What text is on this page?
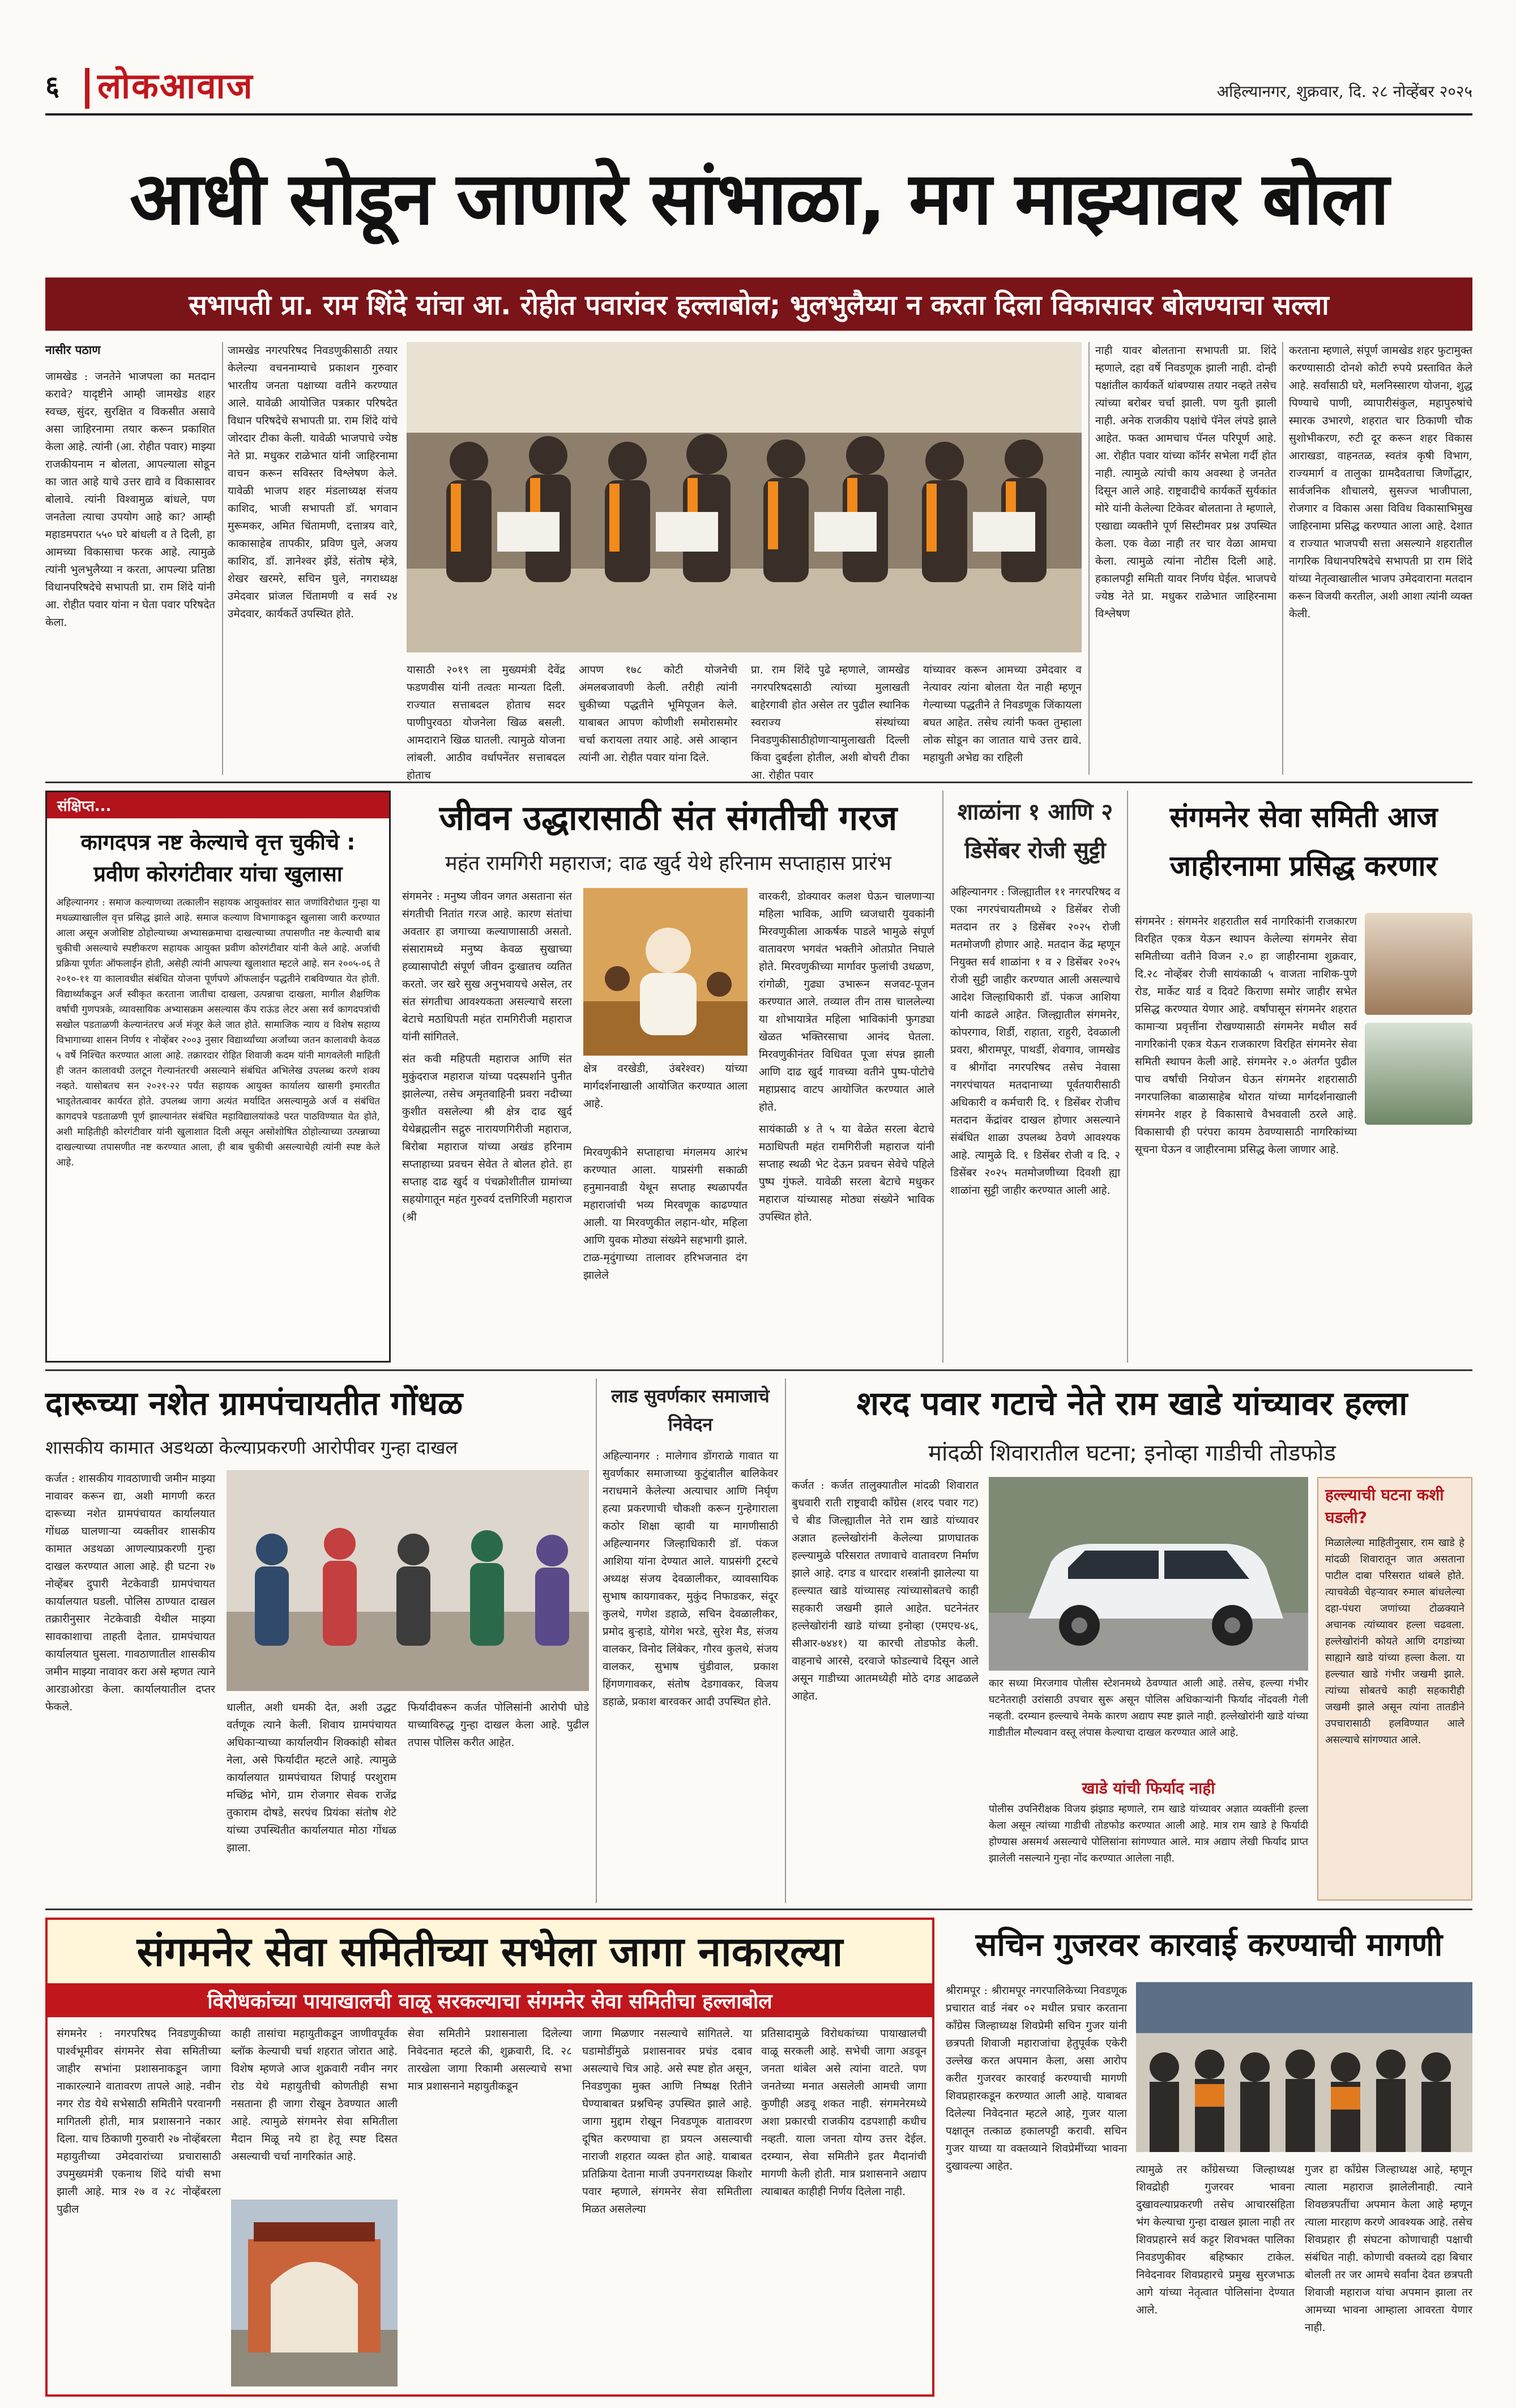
६	लोकआवाज	अहिल्यानगर, शुक्रवार, दि. २८ नोव्हेंबर २०२५
आधी सोडून जाणारे सांभाळा, मग माझ्यावर बोला
सभापती प्रा. राम शिंदे यांचा आ. रोहीत पवारांवर हल्लाबोल; भुलभुलैय्या न करता दिला विकासावर बोलण्याचा सल्ला
नासीर पठाण

जामखेड : जनतेने भाजपला का मतदान करावे? यादृष्टीने आम्ही जामखेड शहर स्वच्छ, सुंदर, सुरक्षित व विकसीत असावे असा जाहिरनामा तयार करून प्रकाशित केला आहे. त्यांनी (आ. रोहीत पवार) माझ्या राजकीयनाम न बोलता, आपल्याला सोडून का जात आहे याचे उत्तर द्यावे व विकासावर बोलावे. त्यांनी विश्वामुळ बांधले, पण जनतेला त्याचा उपयोग आहे का? आम्ही महाडमपरात ५५० घरे बांधली व ते दिली, हा आमच्या विकासाचा फरक आहे. त्यामुळे त्यांनी भुलभुलैय्या न करता, आपल्या प्रतिष्ठा विधानपरिषदेचे सभापती प्रा. राम शिंदे यांनी आ. रोहीत पवार यांना न घेता पवार परिषदेत केला.

जामखेड नगरपरिषद निवडणुकीसाठी तयार केलेल्या वचननाम्याचे प्रकाशन गुरुवार भारतीय जनता पक्षाच्या वतीने करण्यात आले. यावेळी आयोजित पत्रकार परिषदेत विधान परिषदेचे सभापती प्रा. राम शिंदे यांचे जोरदार टीका केली. यावेळी भाजपाचे ज्येष्ठ नेते प्रा. मधुकर राळेभात यांनी जाहिरनामा वाचन करून सविस्तर विश्लेषण केले. यावेळी भाजप शहर मंडलाध्यक्ष संजय काशिद, भाजी सभापती डॉ. भगवान मुरूमकर, अमित चिंतामणी, दत्तात्रय वारे, काकासाहेब तापकीर, प्रविण घुले, अजय काशिद, डॉ. ज्ञानेश्वर झेंडे, संतोष म्हेत्रे, शेखर खरमरे, सचिन घुले, नगराध्यक्ष उमेदवार प्रांजल चिंतामणी व सर्व २४ उमेदवार, कार्यकर्ते उपस्थित होते.

यासाठी २०१९ ला मुख्यमंत्री देवेंद्र फडणवीस यांनी तत्वतः मान्यता दिली. राज्यात सत्ताबदल होताच सदर पाणीपुरवठा योजनेला खिळ बसली. आमदाराने खिळ घातली. त्यामुळे योजना लांबली. आठीव वर्धापनेंतर सत्ताबदल होताच

आपण १७८ कोटी योजनेची अंमलबजावणी केली. तरीही त्यांनी चुकीच्या पद्धतीने भूमिपूजन केले. याबाबत आपण कोणीशी समोरासमोर चर्चा करायला तयार आहे. असे आव्हान त्यांनी आ. रोहीत पवार यांना दिले.

प्रा. राम शिंदे पुढे म्हणाले, जामखेड नगरपरिषदसाठी त्यांच्या मुलाखती बाहेरगावी होत असेल तर पुढील स्थानिक स्वराज्य संस्थांच्या निवडणुकीसाठीहोणाऱ्यामुलाखती दिल्ली किंवा दुबईला होतील, अशी बोचरी टीका आ. रोहीत पवार

यांच्यावर करून आमच्या उमेदवार व नेत्यावर त्यांना बोलता येत नाही म्हणून गेल्याच्या पद्धतीने ते निवडणूक जिंकायला बघत आहेत. तसेच त्यांनी फक्त तुम्हाला लोक सोडून का जातात याचे उत्तर द्यावे. महायुती अभेद्य का राहिली

नाही यावर बोलताना सभापती प्रा. शिंदे म्हणाले, दहा वर्षे निवडणूक झाली नाही. दोन्ही पक्षांतील कार्यकर्ते थांबण्यास तयार नव्हते तसेच त्यांच्या बरोबर चर्चा झाली. पण युती झाली नाही. अनेक राजकीय पक्षांचे पॅनेल लंपडे झाले आहेत. फक्त आमचाच पॅनल परिपूर्ण आहे. आ. रोहीत पवार यांच्या कॉर्नर सभेला गर्दी होत नाही. त्यामुळे त्यांची काय अवस्था हे जनतेत दिसून आले आहे. राष्ट्रवादीचे कार्यकर्ते सुर्यकांत मोरे यांनी केलेल्या टिकेवर बोलताना ते म्हणाले, एखाद्या व्यक्तीने पूर्ण सिस्टीमवर प्रश्न उपस्थित केला. एक वेळा नाही तर चार वेळा आमचा केला. त्यामुळे त्यांना नोटीस दिली आहे. हकालपट्टी समिती यावर निर्णय घेईल. भाजपचे ज्येष्ठ नेते प्रा. मधुकर राळेभात जाहिरनामा विश्लेषण

करताना म्हणाले, संपूर्ण जामखेड शहर फुटामुक्त करण्यासाठी दोनशे कोटी रुपये प्रस्तावित केले आहे. सर्वांसाठी घरे, मलनिस्सारण योजना, शुद्ध पिण्याचे पाणी, व्यापारीसंकुल, महापुरुषांचे स्मारक उभारणे, शहरात चार ठिकाणी चौक सुशोभीकरण, रुटी दूर करून शहर विकास आराखडा, वाहनतळ, स्वतंत्र कृषी विभाग, राज्यमार्ग व तालुका ग्रामदैवताचा जिर्णोद्धार, सार्वजनिक शौचालये, सुसज्ज भाजीपाला, रोजगार व विकास असा विविध विकासाभिमुख जाहिरनामा प्रसिद्ध करण्यात आला आहे. देशात व राज्यात भाजपची सत्ता असल्याने शहरातील नागरिक विधानपरिषदेचे सभापती प्रा राम शिंदे यांच्या नेतृत्वाखालील भाजप उमेदवाराना मतदान करून विजयी करतील, अशी आशा त्यांनी व्यक्त केली.

संक्षिप्त...
कागदपत्र नष्ट केल्याचे वृत्त चुकीचे : प्रवीण कोरगंटीवार यांचा खुलासा

अहिल्यानगर : समाज कल्याणच्या तत्कालीन सहायक आयुक्तांवर सात जणांविरोधात गुन्हा या मथळ्याखालील वृत्त प्रसिद्ध झाले आहे. समाज कल्याण विभागाकडून खुलासा जारी करण्यात आला असून अजोशिष्ट ठोहोल्याच्या अभ्यासक्रमाचा दाखल्याच्या तपासणीत नष्ट केल्याची बाब चुकीची असल्याचे स्पष्टीकरण सहायक आयुक्त प्रवीण कोरगंटीवार यांनी केले आहे. अर्जाची प्रक्रिया पूर्णतः ऑफलाईन होती, असेही त्यांनी आपल्या खुलाशात म्हटले आहे. सन २००५-०६ ते २०१०-११ या कालावधीत संबंधित योजना पूर्णपणे ऑफलाईन पद्धतीने राबविण्यात येत होती. विद्यार्थ्यांकडून अर्ज स्वीकृत करताना जातीचा दाखला, उत्पन्नाचा दाखला, मागील शैक्षणिक वर्षाची गुणपत्रके, व्यावसायिक अभ्यासक्रम असल्यास कॅप राऊंड लेटर असा सर्व कागदपत्रांची सखोल पडताळणी केल्यानंतरच अर्ज मंजूर केले जात होते. सामाजिक न्याय व विशेष सहाय्य विभागाच्या शासन निर्णय १ नोव्हेंबर २००३ नुसार विद्यार्थ्यांच्या अर्जांच्या जतन कालावधी केवळ ५ वर्षे निश्चित करण्यात आला आहे. तक्रारदार रोहित शिवाजी कदम यांनी मागवलेली माहिती ही जतन कालावधी उलटून गेल्यानंतरची असल्याने संबंधित अभिलेख उपलब्ध करणे शक्य नव्हते. यासोबतच सन २०२१-२२ पर्यंत सहायक आयुक्त कार्यालय खासगी इमारतीत भाड्तेतत्वावर कार्यरत होते. उपलब्ध जागा अत्यंत मर्यादित असल्यामुळे अर्ज व संबंधित कागदपत्रे पडताळणी पूर्ण झाल्यानंतर संबंधित महाविद्यालयांकडे परत पाठविण्यात येत होते, अशी माहितीही कोरगंटीवार यांनी खुलाशात दिली असून असोशोषित ठोहोल्याच्या उत्पन्नाच्या दाखल्याच्या तपासणीत नष्ट करण्यात आला, ही बाब चुकीची असल्याचेही त्यांनी स्पष्ट केले आहे.

जीवन उद्धारासाठी संत संगतीची गरज

महंत रामगिरी महाराज; दाढ खुर्द येथे हरिनाम सप्ताहास प्रारंभ

संगमनेर : मनुष्य जीवन जगत असताना संत संगतीची नितांत गरज आहे. कारण संतांचा अवतार हा जगाच्या कल्याणासाठी असतो. संसारामध्ये मनुष्य केवळ सुखाच्या हव्यासापोटी संपूर्ण जीवन दुःखातच व्यतित करतो. जर खरे सुख अनुभवायचे असेल, तर संत संगतीचा आवश्यकता असल्याचे सरला बेटाचे मठाधिपती महंत रामगिरीजी महाराज यांनी सांगितले.

संत कवी महिपती महाराज आणि संत मुकुंदराज महाराज यांच्या पदस्पर्शाने पुनीत झालेल्या, तसेच अमृतवाहिनी प्रवरा नदीच्या कुशीत वसलेल्या श्री क्षेत्र दाढ खुर्द येथेब्रह्मलीन सद्गुरु नारायणगिरीजी महाराज, बिरोबा महाराज यांच्या अखंड हरिनाम सप्ताहाच्या प्रवचन सेवेत ते बोलत होते. हा सप्ताह दाढ खुर्द व पंचक्रोशीतील ग्रामांच्या सहयोगातून महंत गुरुवर्य दत्तगिरिजी महाराज (श्री

क्षेत्र वरखेडी, उंबरेश्वर) यांच्या मार्गदर्शनाखाली आयोजित करण्यात आला आहे.

मिरवणुकीने सप्ताहाचा मंगलमय आरंभ करण्यात आला. याप्रसंगी सकाळी हनुमानवाडी येथून सप्ताह स्थळापर्यंत महाराजांची भव्य मिरवणूक काढण्यात आली. या मिरवणुकीत लहान-थोर, महिला आणि युवक मोठ्या संख्येने सहभागी झाले. टाळ-मृदुंगाच्या तालावर हरिभजनात दंग झालेले

वारकरी, डोक्यावर कलश घेऊन चालणाऱ्या महिला भाविक, आणि ध्वजधारी युवकांनी मिरवणुकीला आकर्षक पाडले भामुळे संपूर्ण वातावरण भगवंत भक्तीने ओतप्रोत निघाले होते. मिरवणुकीच्या मार्गावर फुलांची उधळण, रांगोळी, गुढ्या उभारून सजवट-पूजन करण्यात आले. तव्याल तीन तास चाललेल्या या शोभायात्रेत महिला भाविकांनी फुगड्या खेळत भक्तिरसाचा आनंद घेतला. मिरवणुकीनंतर विधिवत पूजा संपन्न झाली आणि दाढ खुर्द गावच्या वतीने पुष्प-पोटोचे महाप्रसाद वाटप आयोजित करण्यात आले होते.

सायंकाळी ४ ते ५ या वेळेत सरला बेटाचे मठाधिपती महंत रामगिरीजी महाराज यांनी सप्ताह स्थळी भेट देऊन प्रवचन सेवेचे पहिले पुष्प गुंफले. यावेळी सरला बेटाचे मधुकर महाराज यांच्यासह मोठ्या संख्येने भाविक उपस्थित होते.

शाळांना १ आणि २ डिसेंबर रोजी सुट्टी

अहिल्यानगर : जिल्ह्यातील ११ नगरपरिषद व एका नगरपंचायतीमध्ये २ डिसेंबर रोजी मतदान तर ३ डिसेंबर २०२५ रोजी मतमोजणी होणार आहे. मतदान केंद्र म्हणून नियुक्त सर्व शाळांना १ व २ डिसेंबर २०२५ रोजी सुट्टी जाहीर करण्यात आली असल्याचे आदेश जिल्हाधिकारी डॉ. पंकज आशिया यांनी काढले आहेत. जिल्ह्यातील संगमनेर, कोपरगाव, शिर्डी, राहाता, राहुरी, देवळाली प्रवरा, श्रीरामपूर, पाथर्डी, शेवगाव, जामखेड व श्रीगोंदा नगरपरिषद तसेच नेवासा नगरपंचायत मतदानाच्या पूर्वतयारीसाठी अधिकारी व कर्मचारी दि. १ डिसेंबर रोजीच मतदान केंद्रांवर दाखल होणार असल्याने संबंधित शाळा उपलब्ध ठेवणे आवश्यक आहे. त्यामुळे दि. १ डिसेंबर रोजी व दि. २ डिसेंबर २०२५ मतमोजणीच्या दिवशी ह्या शाळांना सुट्टी जाहीर करण्यात आली आहे.

संगमनेर सेवा समिती आज जाहीरनामा प्रसिद्ध करणार

संगमनेर : संगमनेर शहरातील सर्व नागरिकांनी राजकारण विरहित एकत्र येऊन स्थापन केलेल्या संगमनेर सेवा समितीच्या वतीने विजन २.० हा जाहीरनामा शुक्रवार, दि.२८ नोव्हेंबर रोजी सायंकाळी ५ वाजता नाशिक-पुणे रोड, मार्केट यार्ड व दिवटे किराणा समोर जाहीर सभेत प्रसिद्ध करण्यात येणार आहे. वर्षांपासून संगमनेर शहरात कामाऱ्या प्रवृत्तींना रोखण्यासाठी संगमनेर मधील सर्व नागरिकांनी एकत्र येऊन राजकारण विरहित संगमनेर सेवा समिती स्थापन केली आहे. संगमनेर २.० अंतर्गत पुढील पाच वर्षांची नियोजन घेऊन संगमनेर शहरासाठी नगरपालिका बाळासाहेब थोरात यांच्या मार्गदर्शनाखाली संगमनेर शहर हे विकासाचे वैभववाली ठरले आहे. विकासाची ही परंपरा कायम ठेवण्यासाठी नागरिकांच्या सूचना घेऊन व जाहीरनामा प्रसिद्ध केला जाणार आहे.

दारूच्या नशेत ग्रामपंचायतीत गोंधळ

शासकीय कामात अडथळा केल्याप्रकरणी आरोपीवर गुन्हा दाखल

कर्जत : शासकीय गावठाणाची जमीन माझ्या नावावर करून द्या, अशी मागणी करत दारूच्या नशेत ग्रामपंचायत कार्यालयात गोंधळ घालणाऱ्या व्यक्तीवर शासकीय कामात अडथळा आणल्याप्रकरणी गुन्हा दाखल करण्यात आला आहे. ही घटना २७ नोव्हेंबर दुपारी नेटकेवाडी ग्रामपंचायत कार्यालयात घडली. पोलिस ठाण्यात दाखल तक्रारीनुसार नेटकेवाडी येथील माझ्या सावकाशाचा ताहती देतात. ग्रामपंचायत कार्यालयात घुसला. गावठाणातील शासकीय जमीन माझ्या नावावर करा असे म्हणत त्याने आरडाओरडा केला. कार्यालयातील दप्तर फेकले.	धालीत, अशी धमकी देत, अशी उद्धट वर्तणूक त्याने केली. शिवाय ग्रामपंचायत अधिकाऱ्याच्या कार्यालयीन शिक्कांही सोबत नेला, असे फिर्यादीत म्हटले आहे. त्यामुळे कार्यालयात ग्रामपंचायत शिपाई परशुराम मच्छिंद्र भोगे, ग्राम रोजगार सेवक राजेंद्र तुकाराम दोषडे, सरपंच प्रियंका संतोष शेटे यांच्या उपस्थितीत कार्यालयात मोठा गोंधळ झाला.

फिर्यादीवरून कर्जत पोलिसांनी आरोपी घोडे याच्याविरुद्ध गुन्हा दाखल केला आहे. पुढील तपास पोलिस करीत आहेत.

लाड सुवर्णकार समाजाचे निवेदन

अहिल्यानगर : मालेगाव डोंगराळे गावात या सुवर्णकार समाजाच्या कुटुंबातील बालिकेवर नराधमाने केलेल्या अत्याचार आणि निर्घृण हत्या प्रकरणाची चौकशी करून गुन्हेगाराला कठोर शिक्षा व्हावी या मागणीसाठी अहिल्यानगर जिल्हाधिकारी डॉ. पंकज आशिया यांना देण्यात आले. याप्रसंगी ट्रस्टचे अध्यक्ष संजय देवळालीकर, व्यावसायिक सुभाष कायगावकर, मुकुंद निफाडकर, संदूर कुलथे, गणेश डहाळे, सचिन देवळालीकर, प्रमोद बुऱ्हाडे, योगेश भरडे, सुरेश मैड, संजय वालकर, विनोद लिंबेकर, गौरव कुलथे, संजय वालकर, सुभाष चुंडीवाल, प्रकाश हिंगणगावकर, संतोष देडगावकर, विजय डहाळे, प्रकाश बारवकर आदी उपस्थित होते.

शरद पवार गटाचे नेते राम खाडे यांच्यावर हल्ला

मांदळी शिवारातील घटना; इनोव्हा गाडीची तोडफोड

कर्जत : कर्जत तालुक्यातील मांदळी शिवारात बुधवारी राती राष्ट्रवादी काँग्रेस (शरद पवार गट) चे बीड जिल्ह्यातील नेते राम खाडे यांच्यावर अज्ञात हल्लेखोरांनी केलेल्या प्राणघातक हल्ल्यामुळे परिसरात तणावाचे वातावरण निर्माण झाले आहे. दगड व धारदार शस्त्रांनी झालेल्या या हल्ल्यात खाडे यांच्यासह त्यांच्यासोबतचे काही सहकारी जखमी झाले आहेत. घटनेनंतर हल्लेखोरांनी खाडे यांच्या इनोव्हा (एमएच-४६, सीआर-७४४१) या कारची तोडफोड केली. वाहनाचे आरसे, दरवाजे फोडल्याचे दिसून आले असून गाडीच्या आतमध्येही मोठे दगड आढळले आहेत.

कार सध्या मिरजगाव पोलीस स्टेशनमध्ये ठेवण्यात आली आहे. तसेच, हल्ल्या गंभीर घटनेतराही उरांसाठी उपचार सुरू असून पोलिस अधिकाऱ्यांनी फिर्याद नोंदवली गेली नव्हती. दरम्यान हल्ल्याचे नेमके कारण अद्याप स्पष्ट झाले नाही. हल्लेखोरांनी खाडे यांच्या गाडीतील मौल्यवान वस्तू लंपास केल्याचा दाखल करण्यात आले आहे.

खाडे यांची फिर्याद नाही

पोलीस उपनिरीक्षक विजय झंझाड म्हणाले, राम खाडे यांच्यावर अज्ञात व्यक्तींनी हल्ला केला असून त्यांच्या गाडीची तोडफोड करण्यात आली आहे. मात्र राम खाडे हे फिर्यादी होण्यास असमर्थ असल्याचे पोलिसांना सांगण्यात आले. मात्र अद्याप लेखी फिर्याद प्राप्त झालेली नसल्याने गुन्हा नोंद करण्यात आलेला नाही.

हल्ल्याची घटना कशी घडली?

मिळालेल्या माहितीनुसार, राम खाडे हे मांदळी शिवारातून जात असताना पाटील दाबा परिसरात थांबले होते. त्याचवेळी चेहऱ्यावर रुमाल बांधलेल्या दहा-पंधरा जणांच्या टोळक्याने अचानक त्यांच्यावर हल्ला चढवला. हल्लेखोरांनी कोयते आणि दगडांच्या साह्याने खाडे यांच्या हल्ला केला. या हल्ल्यात खाडे गंभीर जखमी झाले. त्यांच्या सोबतचे काही सहकारीही जखमी झाले असून त्यांना तातडीने उपचारासाठी हलविण्यात आले असल्याचे सांगण्यात आले.

संगमनेर सेवा समितीच्या सभेला जागा नाकारल्या
विरोधकांच्या पायाखालची वाळू सरकल्याचा संगमनेर सेवा समितीचा हल्लाबोल

संगमनेर : नगरपरिषद निवडणुकीच्या पार्श्वभूमीवर संगमनेर सेवा समितीच्या जाहीर सभांना प्रशासनाकडून जागा नाकारल्याने वातावरण तापले आहे. नवीन नगर रोड येथे सभेसाठी समितीने परवानगी मागितली होती, मात्र प्रशासनाने नकार दिला. याच ठिकाणी गुरुवारी २७ नोव्हेंबरला महायुतीच्या उमेदवारांच्या प्रचारासाठी उपमुख्यमंत्री एकनाथ शिंदे यांची सभा झाली आहे. मात्र २७ व २८ नोव्हेंबरला पुढील

काही तासांचा महायुतीकडून जाणीवपूर्वक ब्लॉक केल्याची चर्चा शहरात जोरात आहे. विशेष म्हणजे आज शुक्रवारी नवीन नगर रोड येथे महायुतीची कोणतीही सभा नसताना ही जागा रोखून ठेवण्यात आली आहे. त्यामुळे संगमनेर सेवा समितीला मैदान मिळू नये हा हेतू स्पष्ट दिसत असल्याची चर्चा नागरिकांत आहे.

सेवा समितीने प्रशासनाला दिलेल्या निवेदनात म्हटले की, शुक्रवारी, दि. २८ तारखेला जागा रिकामी असल्याचे सभा मात्र प्रशासनाने महायुतीकडून

जागा मिळणार नसल्याचे सांगितले. या घडामोडींमुळे प्रशासनावर प्रचंड दबाव असल्याचे चित्र आहे. असे स्पष्ट होत असून, निवडणुका मुक्त आणि निष्पक्ष रितीने घेण्याबाबत प्रश्नचिन्ह उपस्थित झाले आहे. जागा मुद्दाम रोखून निवडणूक वातावरण दूषित करण्याचा हा प्रयत्न असल्याची नाराजी शहरात व्यक्त होत आहे. याबाबत प्रतिक्रिया देताना माजी उपनगराध्यक्ष किशोर पवार म्हणाले, संगमनेर सेवा समितीला मिळत असलेल्या

प्रतिसादामुळे विरोधकांच्या पायाखालची वाळू सरकली आहे. सभेची जागा अडवून जनता थांबेल असे त्यांना वाटते. पण जनतेच्या मनात असलेली आमची जागा कुणीही अडवू शकत नाही. संगमनेरमध्ये अशा प्रकारची राजकीय दडपशाही कधीच नव्हती. याला जनता योग्य उत्तर देईल. दरम्यान, सेवा समितीने इतर मैदानांची मागणी केली होती. मात्र प्रशासनाने अद्याप त्याबाबत काहीही निर्णय दिलेला नाही.

सचिन गुजरवर कारवाई करण्याची मागणी

श्रीरामपूर : श्रीरामपूर नगरपालिकेच्या निवडणूक प्रचारात वार्ड नंबर ०२ मधील प्रचार करताना काँग्रेस जिल्हाध्यक्ष शिवप्रेमी सचिन गुजर यांनी छत्रपती शिवाजी महाराजांचा हेतुपूर्वक एकेरी उल्लेख करत अपमान केला, असा आरोप करीत गुजरवर कारवाई करण्याची मागणी शिवप्रहारकडून करण्यात आली आहे. याबाबत दिलेल्या निवेदनात म्हटले आहे, गुजर याला पक्षातून तत्काळ हकालपट्टी करावी. सचिन गुजर याच्या या वक्तव्याने शिवप्रेमींच्या भावना दुखावल्या आहेत.	त्यामुळे तर काँग्रेसच्या जिल्हाध्यक्ष शिवद्रोही गुजरवर भावना दुखावल्याप्रकरणी तसेच आचारसंहिता भंग केल्याचा गुन्हा दाखल झाला नाही तर शिवप्रहारने सर्व कट्टर शिवभक्त पालिका निवडणुकीवर बहिष्कार टाकेल. निवेदनावर शिवप्रहारचे प्रमुख सुरजभाऊ आगे यांच्या नेतृत्वात पोलिसांना देण्यात आले.

गुजर हा काँग्रेस जिल्हाध्यक्ष आहे, म्हणून त्याला महाराज झालेलीनाही. त्याने शिवछत्रपतींचा अपमान केला आहे म्हणून त्याला मारहाण करणे आवश्यक आहे. तसेच शिवप्रहार ही संघटना कोणाचाही पक्षाची संबंधित नाही. कोणाची वक्तव्ये दहा बिचार बोलली तर जर आमचे सर्वांना देवत छत्रपती शिवाजी महाराज यांचा अपमान झाला तर आमच्या भावना आम्हाला आवरता येणार नाही.
